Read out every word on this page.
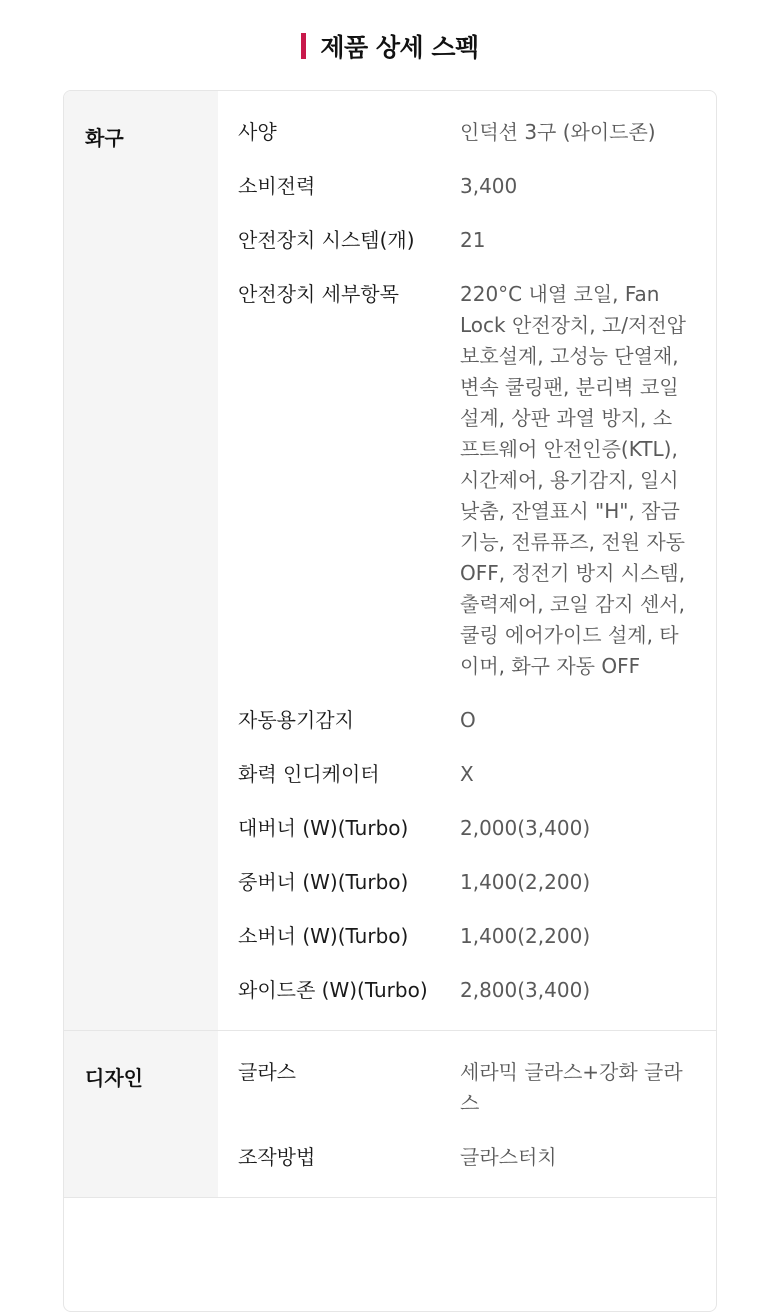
제품 상세 스펙
화구	사양	인덕션 3구 (와이드존)
소비전력	3,400
안전장치 시스템(개)	21
안전장치 세부항목	220°C 내열 코일, Fan Lock 안전장치, 고/저전압 보호설계, 고성능 단열재, 변속 쿨링팬, 분리벽 코일 설계, 상판 과열 방지, 소프트웨어 안전인증(KTL), 시간제어, 용기감지, 일시낮춤, 잔열표시 "H", 잠금기능, 전류퓨즈, 전원 자동 OFF, 정전기 방지 시스템, 출력제어, 코일 감지 센서, 쿨링 에어가이드 설계, 타이머, 화구 자동 OFF
자동용기감지	O
화력 인디케이터	X
대버너 (W)(Turbo)	2,000(3,400)
중버너 (W)(Turbo)	1,400(2,200)
소버너 (W)(Turbo)	1,400(2,200)
와이드존 (W)(Turbo)	2,800(3,400)
디자인	글라스	세라믹 글라스+강화 글라스
조작방법	글라스터치
